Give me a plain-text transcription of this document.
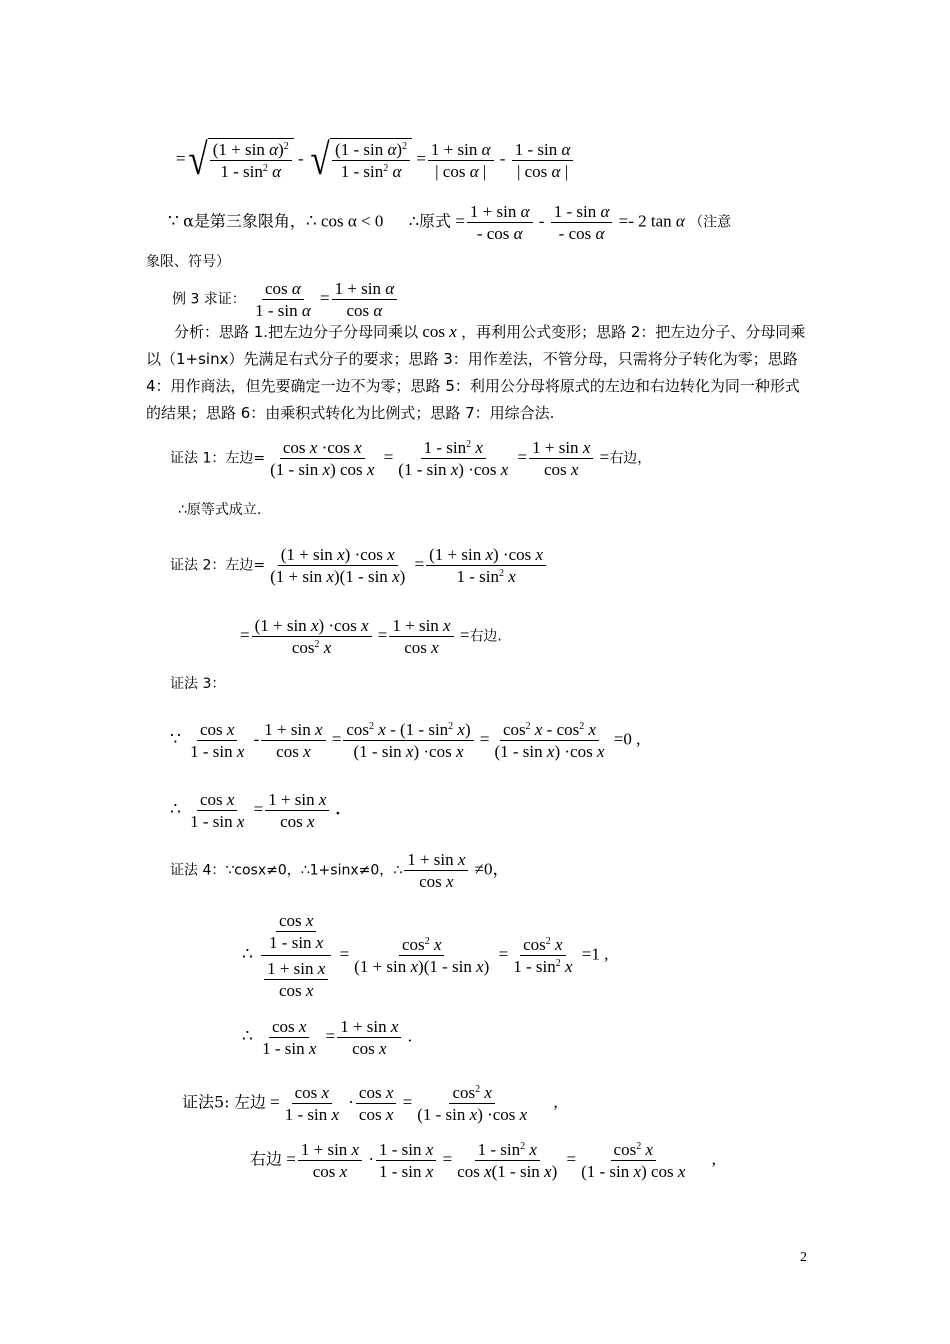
= √ $\frac{(1 + \sin \alpha)^2}{1 - \sin^2 \alpha}$ - √ $\frac{(1 - \sin \alpha)^2}{1 - \sin^2 \alpha} = \frac{\text{1 + sin α}}{\text{| cos α |}} - \frac{\text{1 - sin α}}{\text{| cos α |}}$
∵ α是第三象限角，∴ cos α < 0 ∴原式 = $\frac{\text{1 + sin α}}{\text{- cos α}} - \frac{\text{1 - sin α}}{\text{- cos α}} =- 2$ tan α （注意
象限、符号）
例 3 求证： $\frac{\text{cos α}}{\text{1 - sin α}} = \frac{\text{1 + sin α}}{\text{cos α}}$
分析：思路 1.把左边分子分母同乘以 cos x ，再利用公式变形；思路 2：把左边分子、分母同乘以（1+sinx）先满足右式分子的要求；思路 3：用作差法，不管分母，只需将分子转化为零；思路 4：用作商法，但先要确定一边不为零；思路 5：利用公分母将原式的左边和右边转化为同一种形式的结果；思路 6：由乘积式转化为比例式；思路 7：用综合法.
证法 1：左边= $\frac{\text{cos x ·cos x}}{\text{(1 - sin x) cos x}} = \frac{1 - \sin^2 x}{\text{(1 - sin x) ·cos x}} = \frac{\text{1 + sin x}}{\text{cos x}}$ =右边，
∴原等式成立.
证法 2：左边= $\frac{\text{(1 + sin x) ·cos x}}{\text{(1 + sin x)(1 - sin x)}} = \frac{\text{(1 + sin x) ·cos x}}{1 - \sin^2 x}$
= $\frac{\text{(1 + sin x) ·cos x}}{\cos^2 x} = \frac{\text{1 + sin x}}{\text{cos x}}$ =右边.
证法 3：
∵ $\frac{\text{cos x}}{\text{1 - sin x}} - \frac{\text{1 + sin x}}{\text{cos x}} = \frac{\cos^2 x - (1 - \sin^2 x)}{\text{(1 - sin x) ·cos x}} = \frac{\cos^2 x - \cos^2 x}{\text{(1 - sin x) ·cos x}} =0$ ,
∴ $\frac{\text{cos x}}{\text{1 - sin x}} = \frac{\text{1 + sin x}}{\text{cos x}}$ .
证法 4：∵cosx≠0，∴1+sinx≠0，∴ $\frac{\text{1 + sin x}}{\text{cos x}} \ne 0$，
∴ $\frac{\frac{\text{cos x}}{\text{1 - sin x}}}{\frac{\text{1 + sin x}}{\text{cos x}}} = \frac{\cos^2 x}{\text{(1 + sin x)(1 - sin x)}} = \frac{\cos^2 x}{1 - \sin^2 x} =1$ ,
∴ $\frac{\text{cos x}}{\text{1 - sin x}} = \frac{\text{1 + sin x}}{\text{cos x}}$ .
证法5: 左边 = $\frac{\text{cos x}}{\text{1 - sin x}} \cdot \frac{\text{cos x}}{\text{cos x}} = \frac{\cos^2 x}{\text{(1 - sin x) ·cos x}}$ ,
右边 = $\frac{\text{1 + sin x}}{\text{cos x}} \cdot \frac{\text{1 - sin x}}{\text{1 - sin x}} = \frac{1 - \sin^2 x}{\text{cos x(1 - sin x)}} = \frac{\cos^2 x}{\text{(1 - sin x) cos x}}$ ,
2
